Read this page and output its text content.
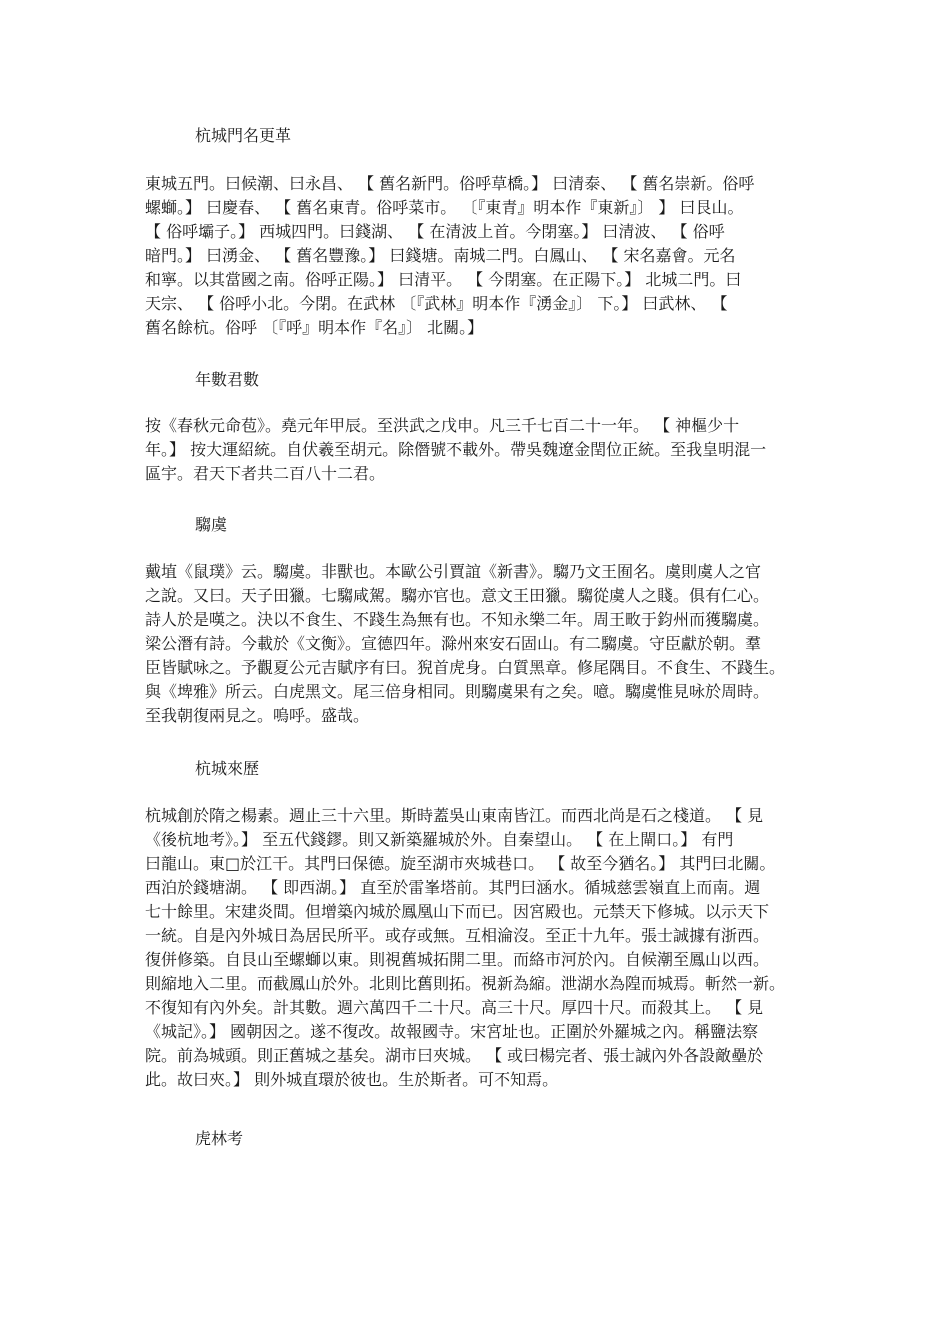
杭城門名更革
東城五門。曰候潮、曰永昌、 【 舊名新門。俗呼草橋。】 曰清泰、 【 舊名崇新。俗呼
螺螄。】 曰慶春、 【 舊名東青。俗呼菜市。 〔『東青』明本作『東新』〕 】 曰艮山。
【 俗呼壩子。】 西城四門。曰錢湖、 【 在清波上首。今閉塞。】 曰清波、 【 俗呼
暗門。】 曰湧金、 【 舊名豐豫。】 曰錢塘。南城二門。白鳳山、 【 宋名嘉會。元名
和寧。以其當國之南。俗呼正陽。】 曰清平。 【 今閉塞。在正陽下。】 北城二門。曰
天宗、 【 俗呼小北。今閉。在武林 〔『武林』明本作『湧金』〕 下。】 曰武林、 【
舊名餘杭。俗呼 〔『呼』明本作『名』〕 北關。】
年數君數
按《春秋元命苞》。堯元年甲辰。至洪武之戊申。凡三千七百二十一年。 【 神樞少十
年。】 按大運紹統。自伏羲至胡元。除僭號不載外。帶吳魏遼金閏位正統。至我皇明混一
區宇。君天下者共二百八十二君。
騶虞
戴埴《鼠璞》云。騶虞。非獸也。本歐公引賈誼《新書》。騶乃文王囿名。虞則虞人之官
之說。又曰。天子田獵。七騶咸駕。騶亦官也。意文王田獵。騶從虞人之賤。俱有仁心。
詩人於是嘆之。決以不食生、不踐生為無有也。不知永樂二年。周王畋于鈞州而獲騶虞。
梁公潛有詩。今載於《文衡》。宣德四年。滁州來安石固山。有二騶虞。守臣獻於朝。羣
臣皆賦咏之。予觀夏公元吉賦序有曰。猊首虎身。白質黑章。修尾隅目。不食生、不踐生。
與《埤雅》所云。白虎黑文。尾三倍身相同。則騶虞果有之矣。噫。騶虞惟見咏於周時。
至我朝復兩見之。嗚呼。盛哉。
杭城來歷
杭城創於隋之楊素。週止三十六里。斯時蓋吳山東南皆江。而西北尚是石之棧道。 【 見
《後杭地考》。】 至五代錢鏐。則又新築羅城於外。自秦望山。 【 在上閘口。】 有門
曰龍山。東□於江干。其門曰保德。旋至湖市夾城巷口。 【 故至今猶名。】 其門曰北關。
西泊於錢塘湖。 【 即西湖。】 直至於雷峯塔前。其門曰涵水。循城慈雲嶺直上而南。週
七十餘里。宋建炎間。但增築內城於鳳凰山下而已。因宮殿也。元禁天下修城。以示天下
一統。自是內外城日為居民所平。或存或無。互相淪沒。至正十九年。張士誠據有浙西。
復併修築。自艮山至螺螄以東。則視舊城拓開二里。而絡市河於內。自候潮至鳳山以西。
則縮地入二里。而截鳳山於外。北則比舊則拓。視新為縮。泄湖水為隍而城焉。斬然一新。
不復知有內外矣。計其數。週六萬四千二十尺。高三十尺。厚四十尺。而殺其上。 【 見
《城記》。】 國朝因之。遂不復改。故報國寺。宋宮址也。正圍於外羅城之內。稱鹽法察
院。前為城頭。則正舊城之基矣。湖市曰夾城。 【 或曰楊完者、張士誠內外各設敵壘於
此。故曰夾。】 則外城直環於彼也。生於斯者。可不知焉。
虎林考
